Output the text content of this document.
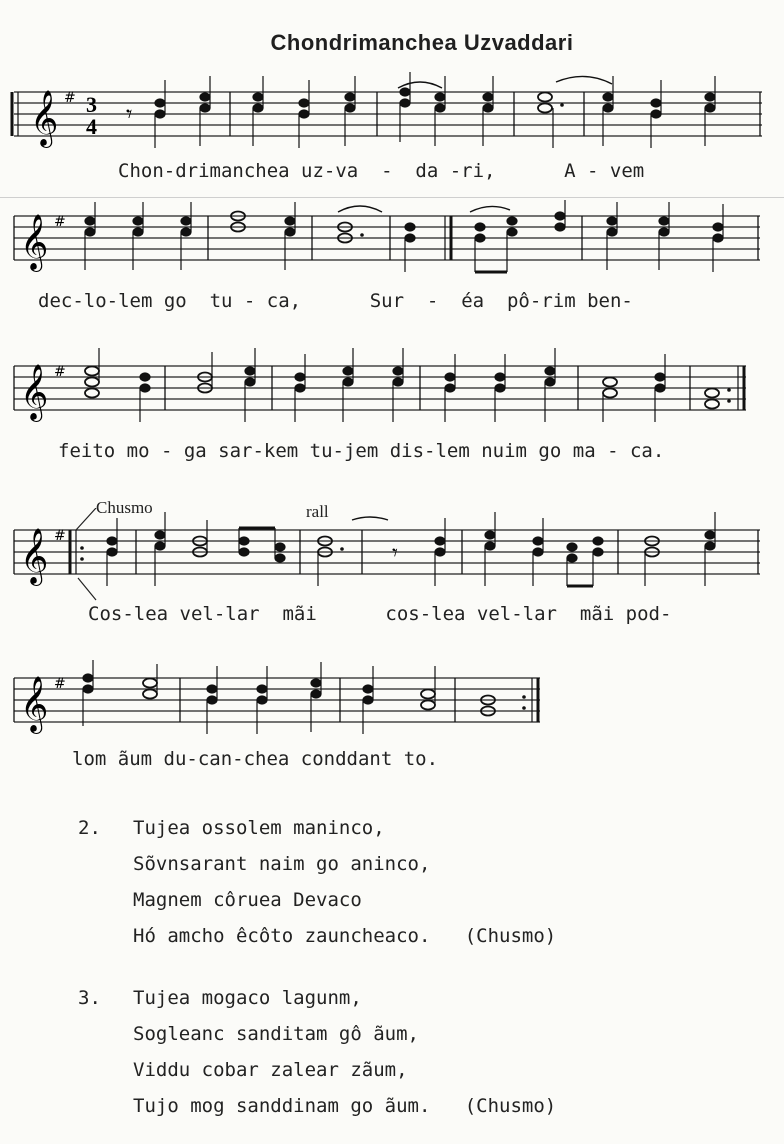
Chondrimanchea Uzvaddari
𝄞 # 3
4 𝄾
Chon-drimanchea uz-va  -  da -ri,      A - vem
𝄞 #
dec-lo-lem go  tu - ca,      Sur  -  éa  pô-rim ben-
𝄞 #
feito mo - ga sar-kem tu-jem dis-lem nuim go ma - ca.
Chusmo	rall
𝄞 #
𝄾
Cos-lea vel-lar  mãi      cos-lea vel-lar  mãi pod-
𝄞 #
lom ãum du-can-chea conddant to.
2.	Tujea ossolem maninco,
Sõvnsarant naim go aninco,
Magnem côruea Devaco
Hó amcho êcôto zauncheaco.   (Chusmo)
3.	Tujea mogaco lagunm,
Sogleanc sanditam gô ãum,
Viddu cobar zalear zãum,
Tujo mog sanddinam go ãum.   (Chusmo)
